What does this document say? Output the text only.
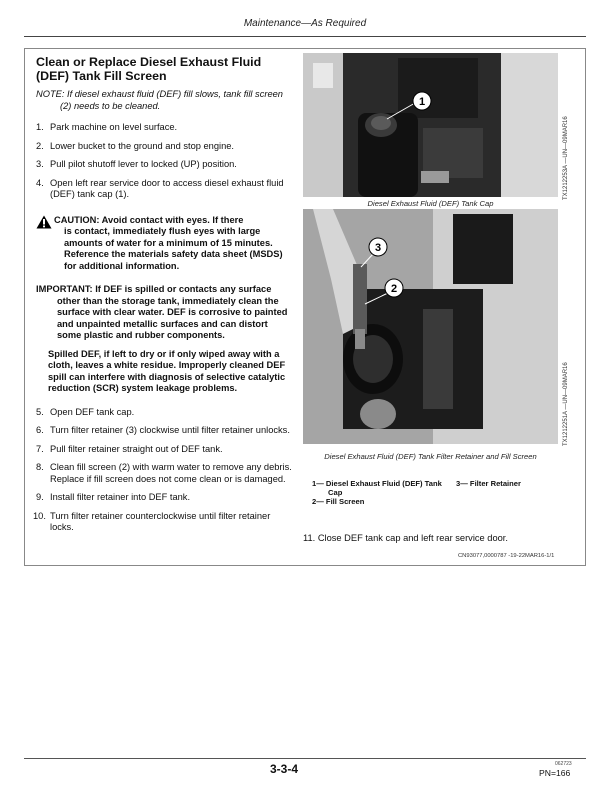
Maintenance—As Required
Clean or Replace Diesel Exhaust Fluid (DEF) Tank Fill Screen
NOTE: If diesel exhaust fluid (DEF) fill slows, tank fill screen (2) needs to be cleaned.
1. Park machine on level surface.
2. Lower bucket to the ground and stop engine.
3. Pull pilot shutoff lever to locked (UP) position.
4. Open left rear service door to access diesel exhaust fluid (DEF) tank cap (1).
CAUTION: Avoid contact with eyes. If there
is contact, immediately flush eyes with large amounts of water for a minimum of 15 minutes. Reference the materials safety data sheet (MSDS) for additional information.
IMPORTANT: If DEF is spilled or contacts any surface other than the storage tank, immediately clean the surface with clear water. DEF is corrosive to painted and unpainted metallic surfaces and can distort some plastic and rubber components.
Spilled DEF, if left to dry or if only wiped away with a cloth, leaves a white residue. Improperly cleaned DEF spill can interfere with diagnosis of selective catalytic reduction (SCR) system leakage problems.
5. Open DEF tank cap.
6. Turn filter retainer (3) clockwise until filter retainer unlocks.
7. Pull filter retainer straight out of DEF tank.
8. Clean fill screen (2) with warm water to remove any debris. Replace if fill screen does not come clean or is damaged.
9. Install filter retainer into DEF tank.
10. Turn filter retainer counterclockwise until filter retainer locks.
1
Diesel Exhaust Fluid (DEF) Tank Cap
TX1212253A —UN—09MAR16
3
2
Diesel Exhaust Fluid (DEF) Tank Filter Retainer and Fill Screen
TX1212251A —UN—09MAR16
1— Diesel Exhaust Fluid (DEF) Tank Cap
3— Filter Retainer
2— Fill Screen
11. Close DEF tank cap and left rear service door.
CN93077,0000787 -19-22MAR16-1/1
3-3-4	062723
PN=166
